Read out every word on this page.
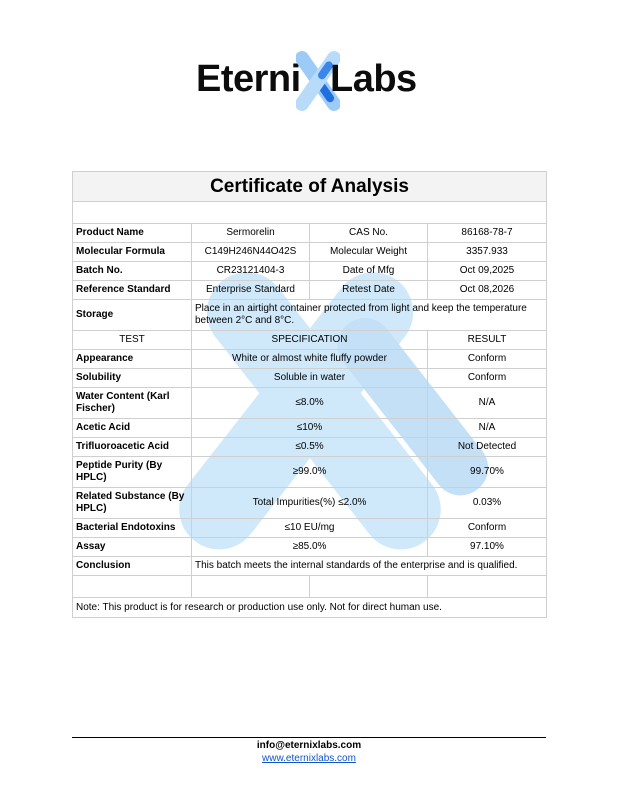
Eterni Labs
Certificate of Analysis			

Product Name	Sermorelin	CAS No.	86168-78-7
Molecular Formula	C149H246N44O42S	Molecular Weight	3357.933
Batch No.	CR23121404-3	Date of Mfg	Oct 09,2025
Reference Standard	Enterprise Standard	Retest Date	Oct 08,2026
Storage	Place in an airtight container protected from light and keep the temperature between 2°C and 8°C.		
TEST	SPECIFICATION		RESULT
Appearance	White or almost white fluffy powder		Conform
Solubility	Soluble in water		Conform
Water Content (Karl Fischer)	≤8.0%		N/A
Acetic Acid	≤10%		N/A
Trifluoroacetic Acid	≤0.5%		Not Detected
Peptide Purity (By HPLC)	≥99.0%		99.70%
Related Substance (By HPLC)	Total Impurities(%) ≤2.0%		0.03%
Bacterial Endotoxins	≤10 EU/mg		Conform
Assay	≥85.0%		97.10%
Conclusion	This batch meets the internal standards of the enterprise and is qualified.		

Note: This product is for research or production use only. Not for direct human use.			
info@eternixlabs.com
www.eternixlabs.com
